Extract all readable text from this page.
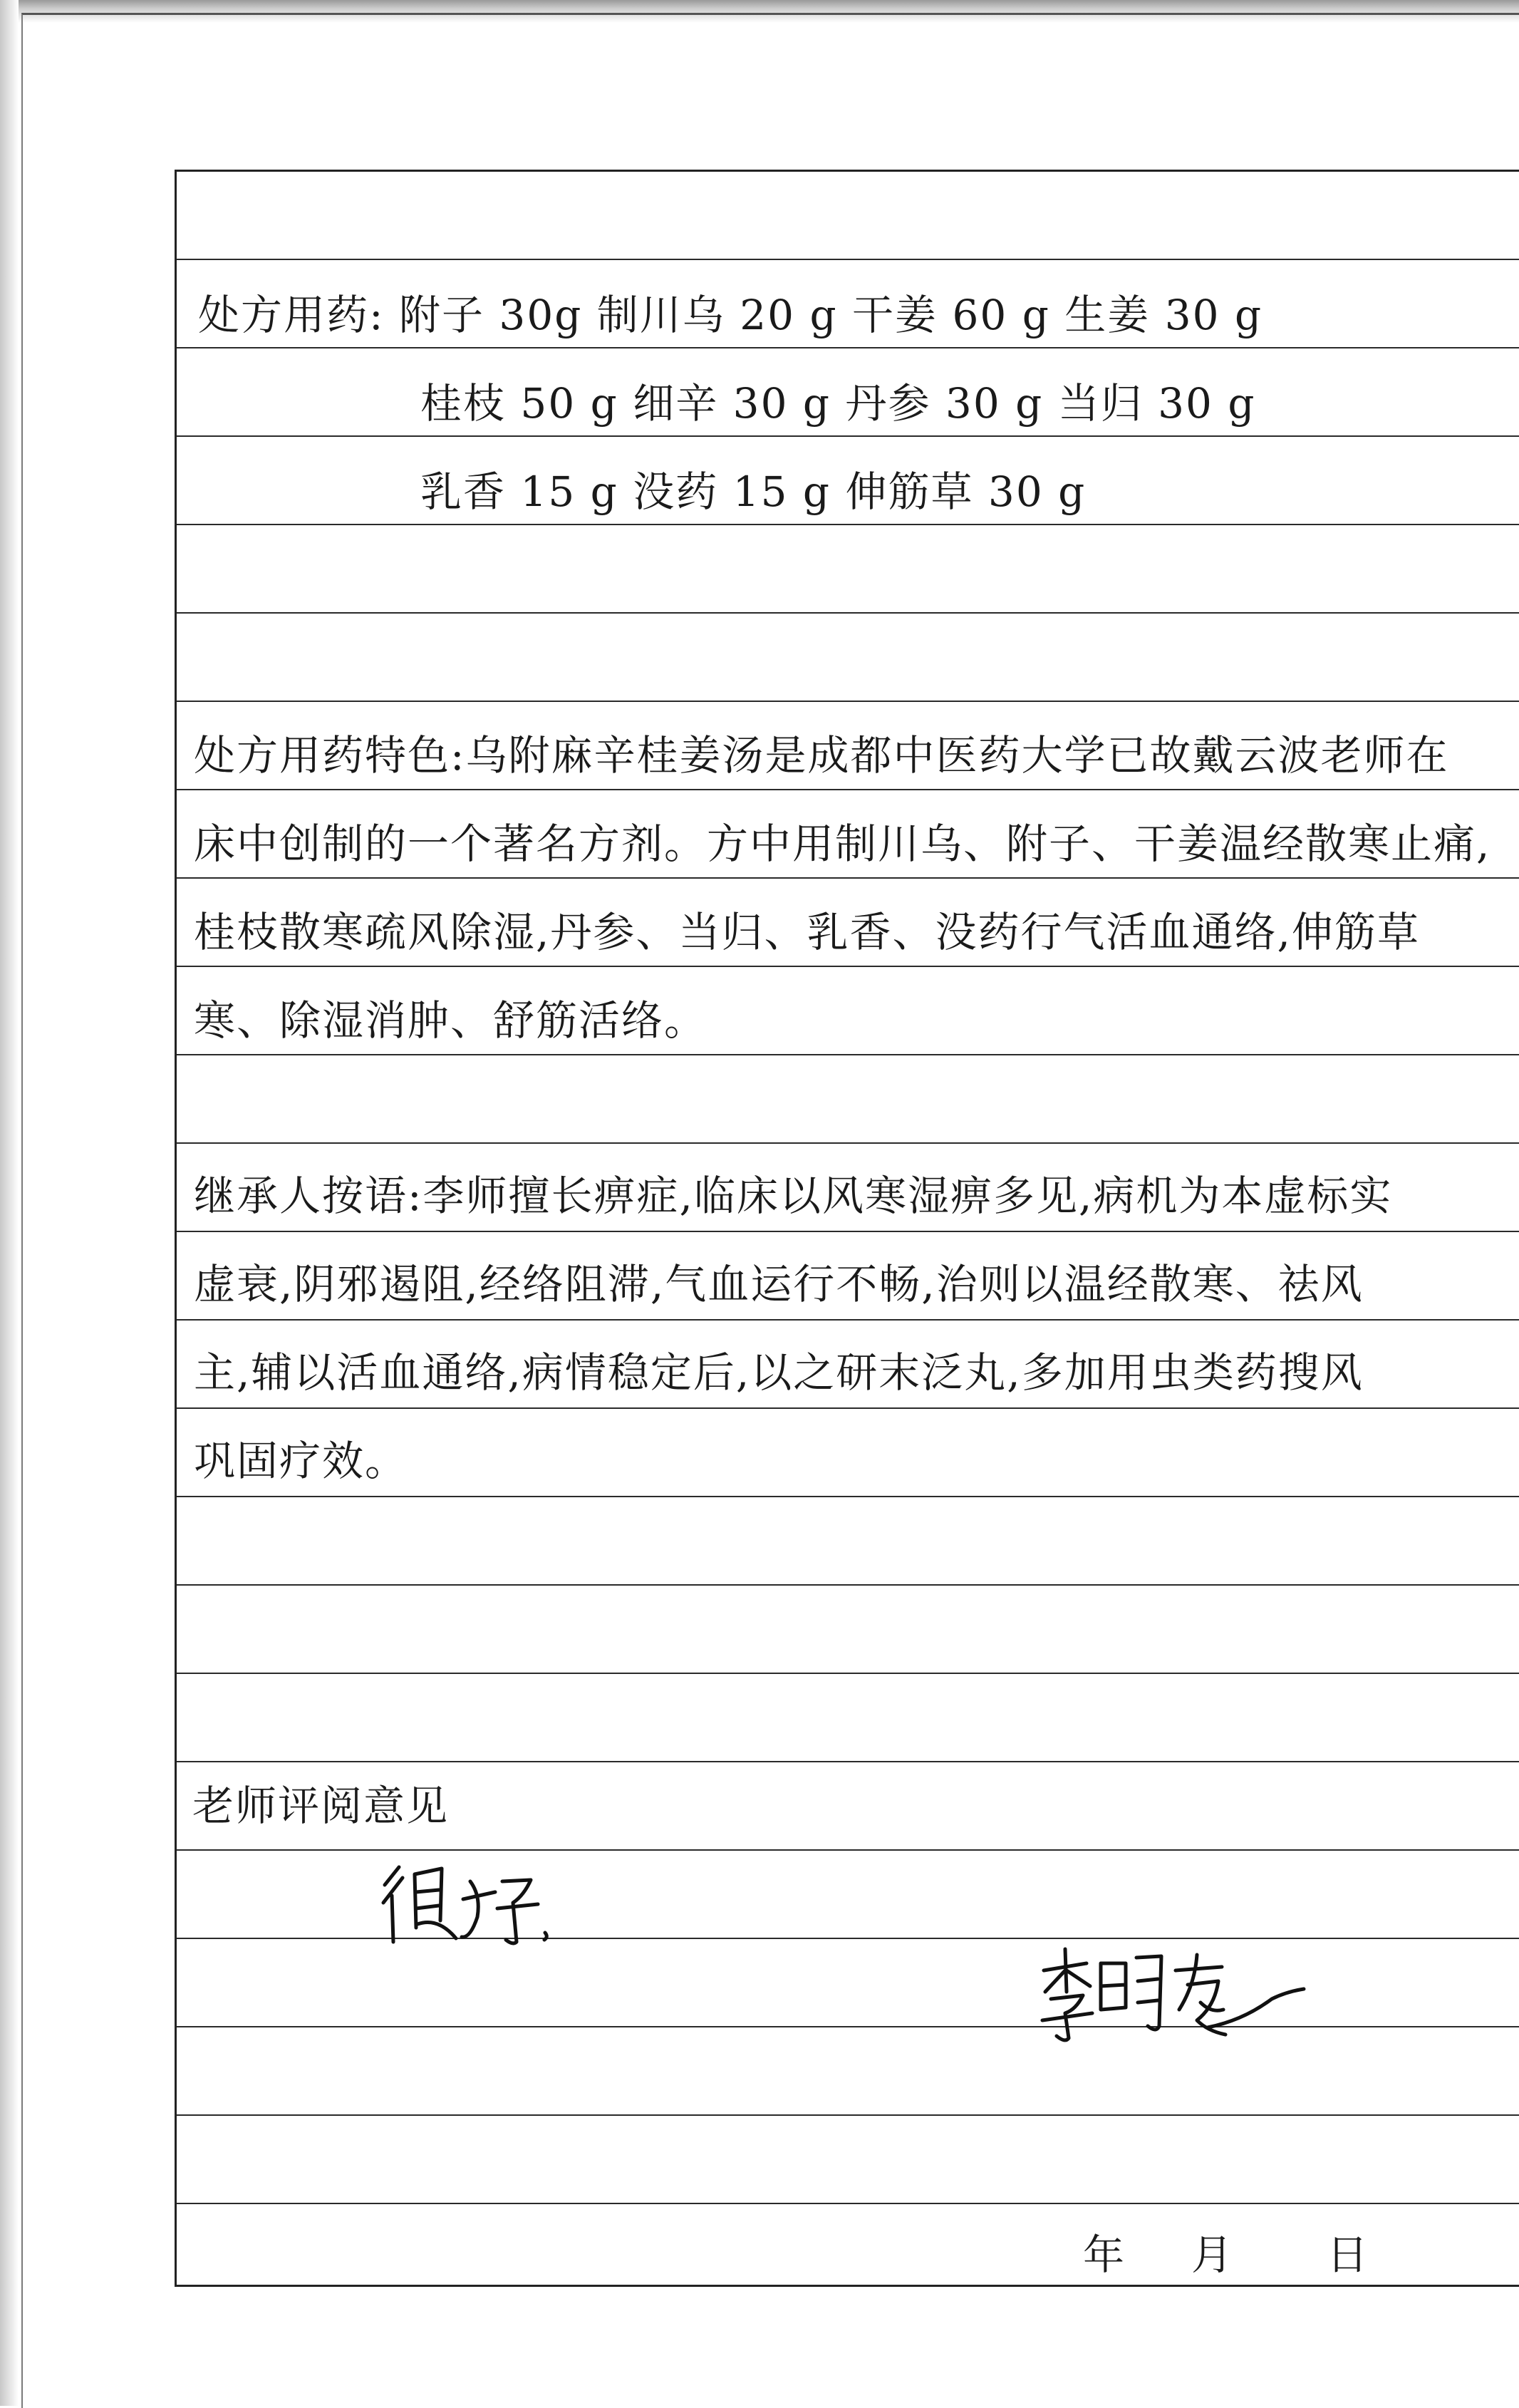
处方用药: 附子 30g 制川乌 20 g 干姜 60 g 生姜 30 g
桂枝 50 g 细辛 30 g 丹参 30 g 当归 30 g
乳香 15 g 没药 15 g 伸筋草 30 g
处方用药特色:乌附麻辛桂姜汤是成都中医药大学已故戴云波老师在
床中创制的一个著名方剂。方中用制川乌、附子、干姜温经散寒止痛,
桂枝散寒疏风除湿,丹参、当归、乳香、没药行气活血通络,伸筋草
寒、除湿消肿、舒筋活络。
继承人按语:李师擅长痹症,临床以风寒湿痹多见,病机为本虚标实
虚衰,阴邪遏阻,经络阻滞,气血运行不畅,治则以温经散寒、祛风
主,辅以活血通络,病情稳定后,以之研末泛丸,多加用虫类药搜风
巩固疗效。
老师评阅意见
年 月 日
